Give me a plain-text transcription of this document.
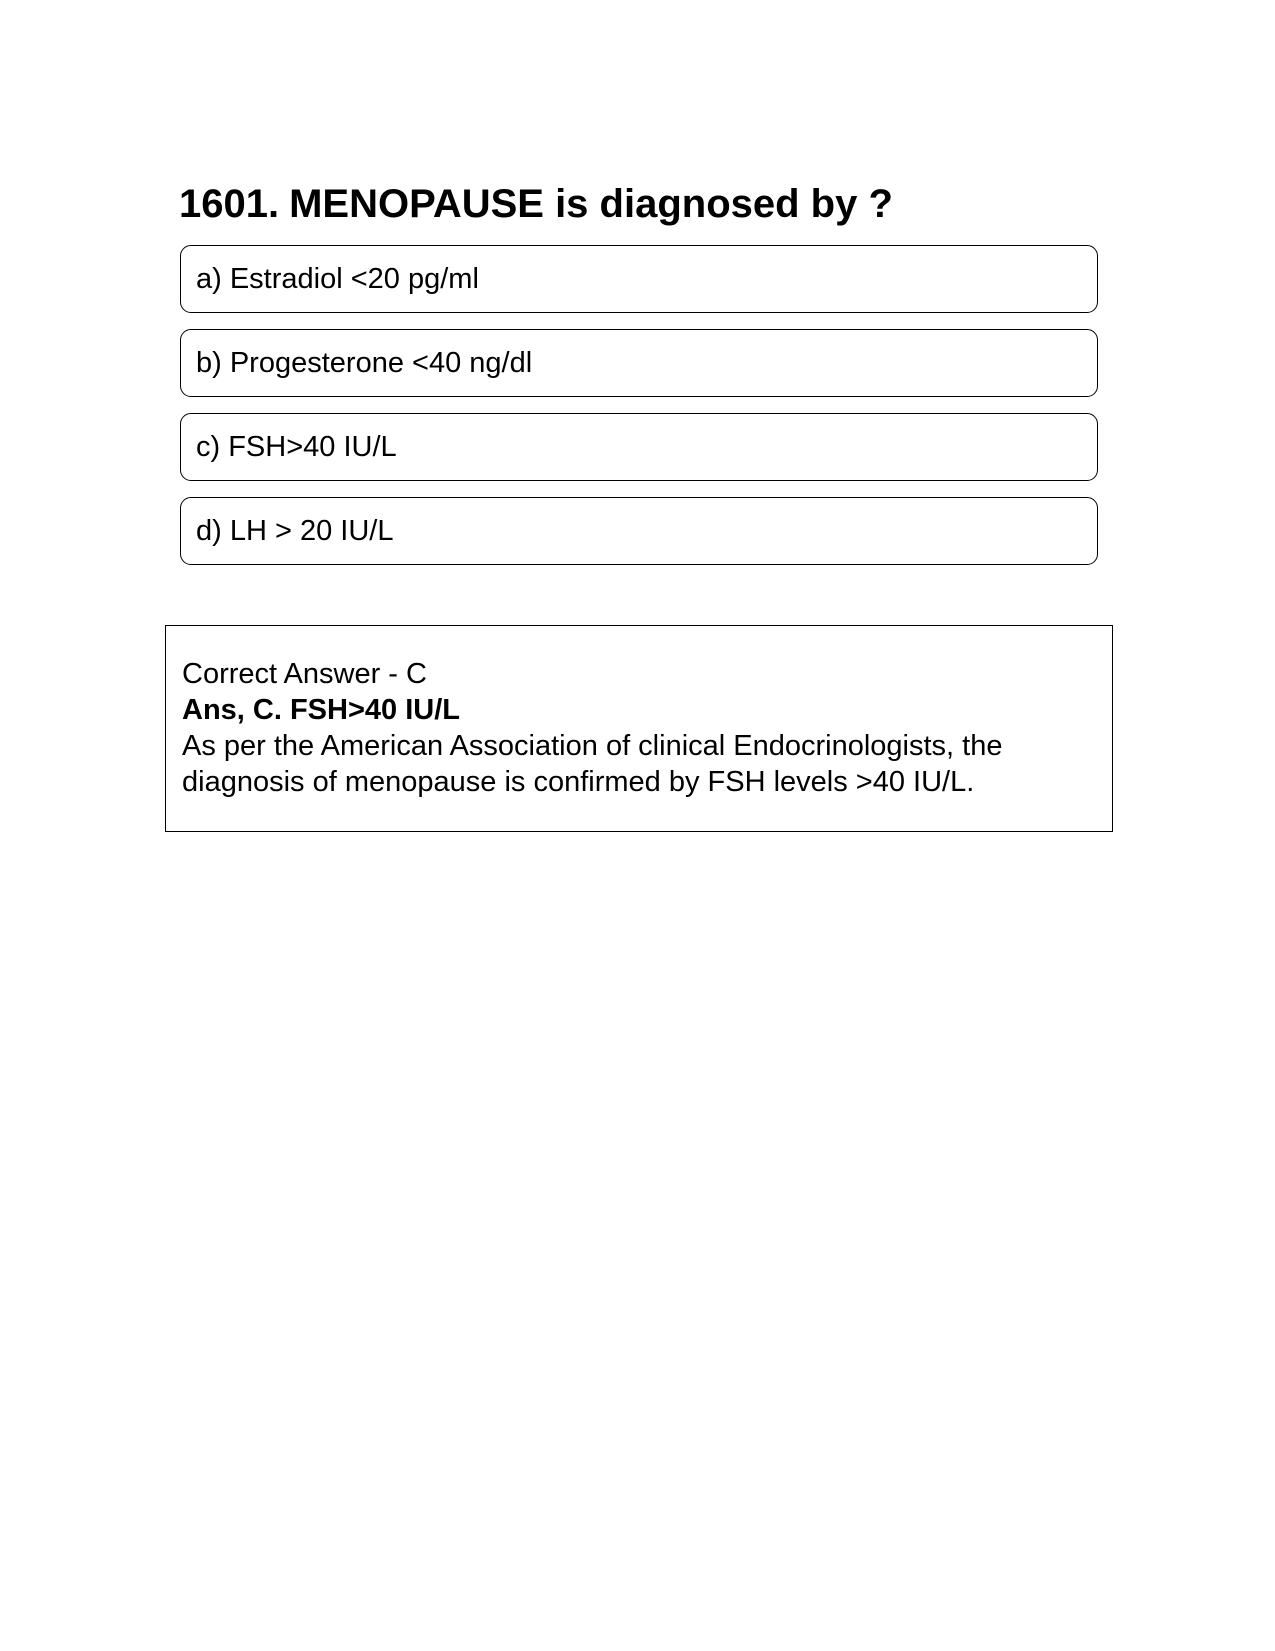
1601. MENOPAUSE is diagnosed by ?
a) Estradiol <20 pg/ml
b) Progesterone <40 ng/dl
c) FSH>40 IU/L
d) LH > 20 IU/L
Correct Answer - C
Ans, C. FSH>40 IU/L
As per the American Association of clinical Endocrinologists, the
diagnosis of menopause is confirmed by FSH levels >40 IU/L.
